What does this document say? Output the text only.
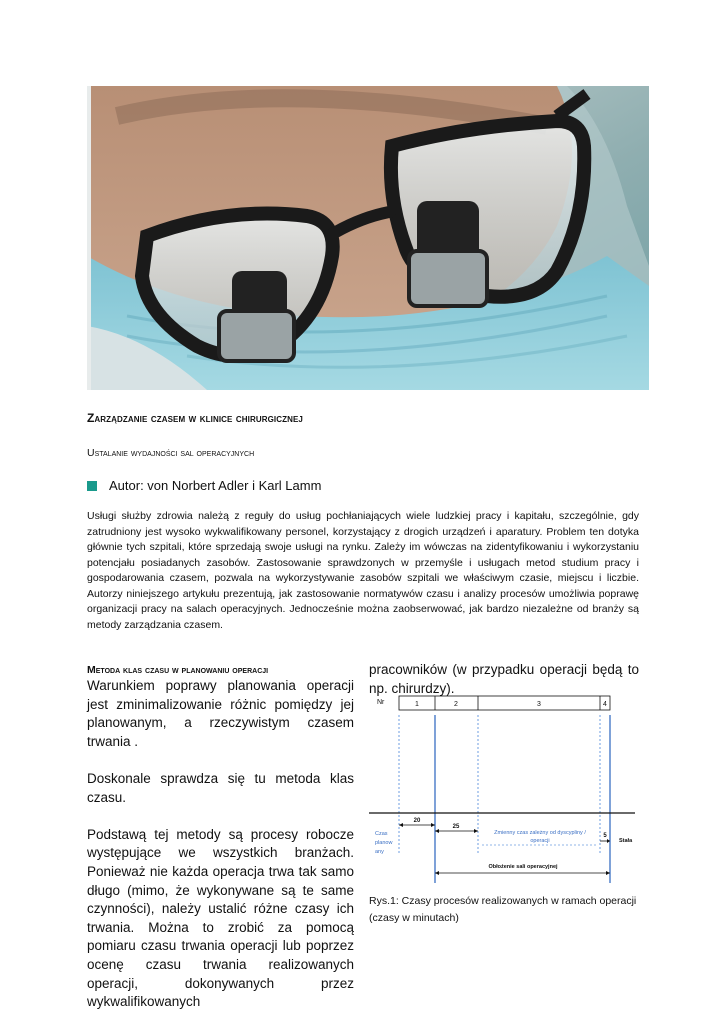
Zarządzanie czasem w klinice chirurgicznej
Ustalanie wydajności sal operacyjnych
Autor: von Norbert Adler i Karl Lamm
Usługi służby zdrowia należą z reguły do usług pochłaniających wiele ludzkiej pracy i kapitału, szczególnie, gdy zatrudniony jest wysoko wykwalifikowany personel, korzystający z drogich urządzeń i aparatury. Problem ten dotyka głównie tych szpitali, które sprzedają swoje usługi na rynku. Zależy im wówczas na zidentyfikowaniu i wykorzystaniu potencjału posiadanych zasobów. Zastosowanie sprawdzonych w przemyśle i usługach metod studium pracy i gospodarowania czasem, pozwala na wykorzystywanie zasobów szpitali we właściwym czasie, miejscu i liczbie. Autorzy niniejszego artykułu prezentują, jak zastosowanie normatywów czasu i analizy procesów umożliwia poprawę organizacji pracy na salach operacyjnych. Jednocześnie można zaobserwować, jak bardzo niezależne od branży są metody zarządzania czasem.
Metoda klas czasu w planowaniu operacji

Warunkiem poprawy planowania operacji jest zminimalizowanie różnic pomiędzy jej planowanym, a rzeczywistym czasem trwania .

Doskonale sprawdza się tu metoda klas czasu.

Podstawą tej metody są procesy robocze występujące we wszystkich branżach. Ponieważ nie każda operacja trwa tak samo długo (mimo, że wykonywane są te same czynności), należy ustalić różne czasy ich trwania. Można to zrobić za pomocą pomiaru czasu trwania operacji lub poprzez ocenę czasu trwania realizowanych operacji, dokonywanych przez wykwalifikowanych

pracowników (w przypadku operacji będą to np. chirurdzy).
Nr	1	2	3	4
20
25
5
Czas
planow
any
Zmienny czas zależny od dyscypliny /
operacji	Stała
Obłożenie sali operacyjnej
Rys.1: Czasy procesów realizowanych w ramach operacji (czasy w minutach)
